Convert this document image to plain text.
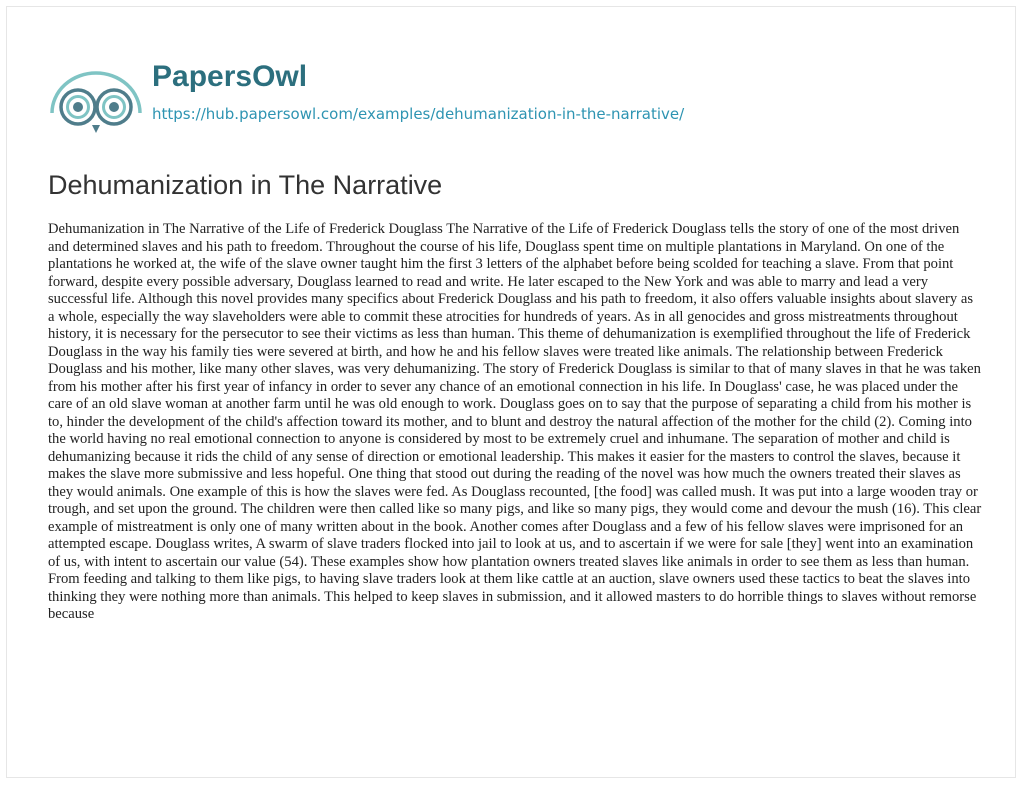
PapersOwl
https://hub.papersowl.com/examples/dehumanization-in-the-narrative/
Dehumanization in The Narrative

Dehumanization in The Narrative of the Life of Frederick Douglass The Narrative of the Life of Frederick Douglass tells the story of one of the most driven and determined slaves and his path to freedom. Throughout the course of his life, Douglass spent time on multiple plantations in Maryland. On one of the plantations he worked at, the wife of the slave owner taught him the first 3 letters of the alphabet before being scolded for teaching a slave. From that point forward, despite every possible adversary, Douglass learned to read and write. He later escaped to the New York and was able to marry and lead a very successful life. Although this novel provides many specifics about Frederick Douglass and his path to freedom, it also offers valuable insights about slavery as a whole, especially the way slaveholders were able to commit these atrocities for hundreds of years. As in all genocides and gross mistreatments throughout history, it is necessary for the persecutor to see their victims as less than human. This theme of dehumanization is exemplified throughout the life of Frederick Douglass in the way his family ties were severed at birth, and how he and his fellow slaves were treated like animals. The relationship between Frederick Douglass and his mother, like many other slaves, was very dehumanizing. The story of Frederick Douglass is similar to that of many slaves in that he was taken from his mother after his first year of infancy in order to sever any chance of an emotional connection in his life. In Douglass' case, he was placed under the care of an old slave woman at another farm until he was old enough to work. Douglass goes on to say that the purpose of separating a child from his mother is to, hinder the development of the child's affection toward its mother, and to blunt and destroy the natural affection of the mother for the child (2). Coming into the world having no real emotional connection to anyone is considered by most to be extremely cruel and inhumane. The separation of mother and child is dehumanizing because it rids the child of any sense of direction or emotional leadership. This makes it easier for the masters to control the slaves, because it makes the slave more submissive and less hopeful. One thing that stood out during the reading of the novel was how much the owners treated their slaves as they would animals. One example of this is how the slaves were fed. As Douglass recounted, [the food] was called mush. It was put into a large wooden tray or trough, and set upon the ground. The children were then called like so many pigs, and like so many pigs, they would come and devour the mush (16). This clear example of mistreatment is only one of many written about in the book. Another comes after Douglass and a few of his fellow slaves were imprisoned for an attempted escape. Douglass writes, A swarm of slave traders flocked into jail to look at us, and to ascertain if we were for sale [they] went into an examination of us, with intent to ascertain our value (54). These examples show how plantation owners treated slaves like animals in order to see them as less than human. From feeding and talking to them like pigs, to having slave traders look at them like cattle at an auction, slave owners used these tactics to beat the slaves into thinking they were nothing more than animals. This helped to keep slaves in submission, and it allowed masters to do horrible things to slaves without remorse because
